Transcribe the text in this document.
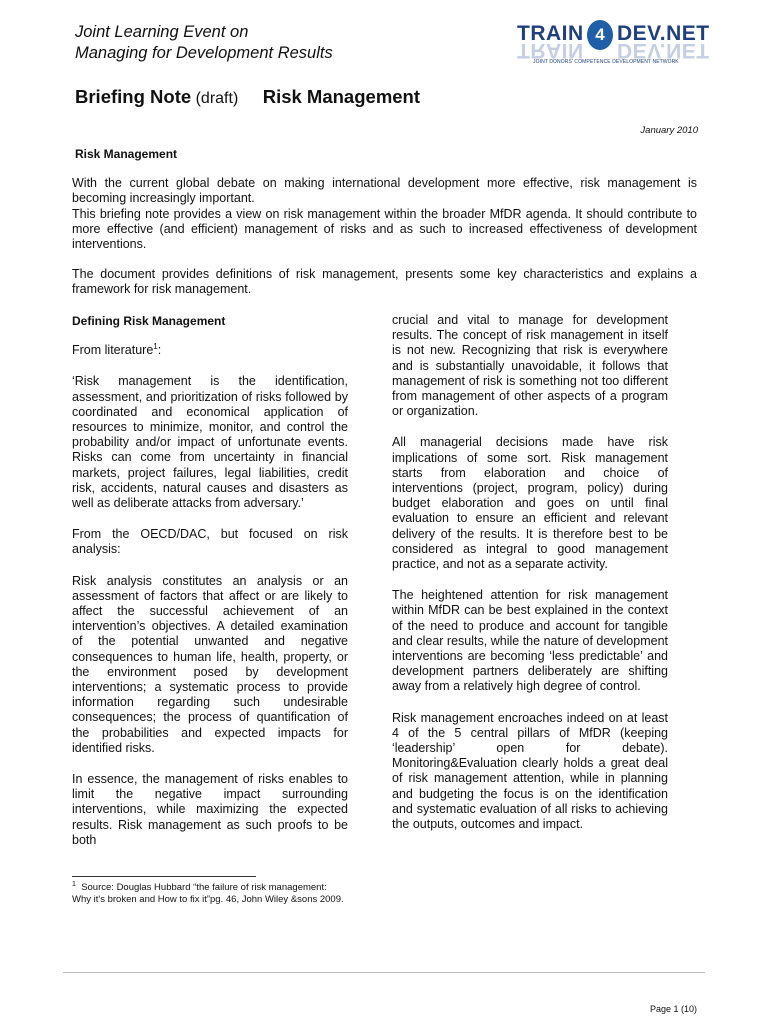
Joint Learning Event on
Managing for Development Results
TRAIN
TRAIN
4 DEV.NET
DEV.NET
JOINT DONORS' COMPETENCE DEVELOPMENT NETWORK
Briefing Note (draft) Risk Management
January 2010
Risk Management
With the current global debate on making international development more effective, risk management is becoming increasingly important.
This briefing note provides a view on risk management within the broader MfDR agenda. It should contribute to more effective (and efficient) management of risks and as such to increased effectiveness of development interventions.
The document provides definitions of risk management, presents some key characteristics and explains a framework for risk management.

Defining Risk Management

From literature$^1$:

‘Risk management is the identification, assessment, and prioritization of risks followed by coordinated and economical application of resources to minimize, monitor, and control the probability and/or impact of unfortunate events. Risks can come from uncertainty in financial markets, project failures, legal liabilities, credit risk, accidents, natural causes and disasters as well as deliberate attacks from adversary.’

From the OECD/DAC, but focused on risk analysis:

Risk analysis constitutes an analysis or an assessment of factors that affect or are likely to affect the successful achievement of an intervention’s objectives. A detailed examination of the potential unwanted and negative consequences to human life, health, property, or the environment posed by development interventions; a systematic process to provide information regarding such undesirable consequences; the process of quantification of the probabilities and expected impacts for identified risks.

In essence, the management of risks enables to limit the negative impact surrounding interventions, while maximizing the expected results. Risk management as such proofs to be both

crucial and vital to manage for development results. The concept of risk management in itself is not new. Recognizing that risk is everywhere and is substantially unavoidable, it follows that management of risk is something not too different from management of other aspects of a program or organization.

All managerial decisions made have risk implications of some sort. Risk management starts from elaboration and choice of interventions (project, program, policy) during budget elaboration and goes on until final evaluation to ensure an efficient and relevant delivery of the results. It is therefore best to be considered as integral to good management practice, and not as a separate activity.

The heightened attention for risk management within MfDR can be best explained in the context of the need to produce and account for tangible and clear results, while the nature of development interventions are becoming ‘less predictable’ and development partners deliberately are shifting away from a relatively high degree of control.

Risk management encroaches indeed on at least 4 of the 5 central pillars of MfDR (keeping ‘leadership’ open for debate). Monitoring&Evaluation clearly holds a great deal of risk management attention, while in planning and budgeting the focus is on the identification and systematic evaluation of all risks to achieving the outputs, outcomes and impact.

$^1$ Source: Douglas Hubbard “the failure of risk management: Why it's broken and How to fix it”pg. 46, John Wiley &sons 2009.
Page 1 (10)
